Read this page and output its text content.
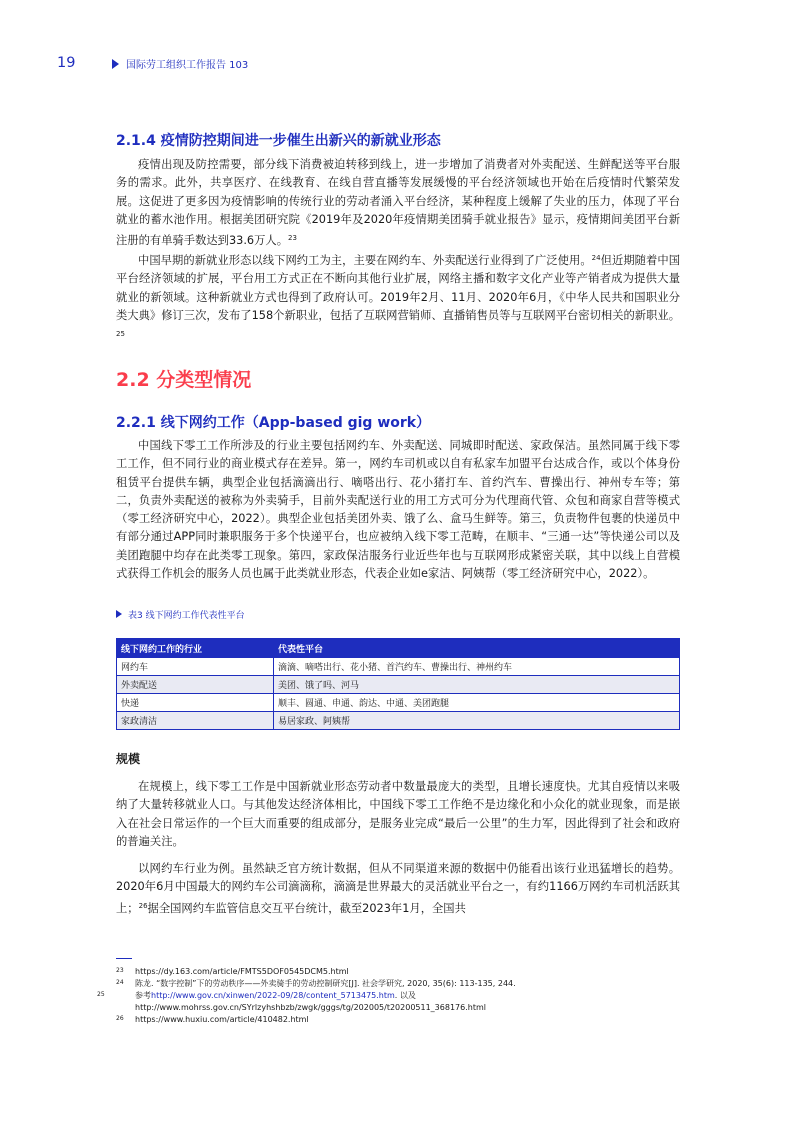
19	国际劳工组织工作报告 103
2.1.4 疫情防控期间进一步催生出新兴的新就业形态

疫情出现及防控需要，部分线下消费被迫转移到线上，进一步增加了消费者对外卖配送、生鲜配送等平台服务的需求。此外，共享医疗、在线教育、在线自营直播等发展缓慢的平台经济领域也开始在后疫情时代繁荣发展。这促进了更多因为疫情影响的传统行业的劳动者涌入平台经济，某种程度上缓解了失业的压力，体现了平台就业的蓄水池作用。根据美团研究院《2019年及2020年疫情期美团骑手就业报告》显示，疫情期间美团平台新注册的有单骑手数达到33.6万人。$^{23}$

中国早期的新就业形态以线下网约工为主，主要在网约车、外卖配送行业得到了广泛使用。$^{24}$但近期随着中国平台经济领域的扩展，平台用工方式正在不断向其他行业扩展，网络主播和数字文化产业等产销者成为提供大量就业的新领域。这种新就业方式也得到了政府认可。2019年2月、11月、2020年6月，《中华人民共和国职业分类大典》修订三次，发布了158个新职业，包括了互联网营销师、直播销售员等与互联网平台密切相关的新职业。$^{25}$

2.2 分类型情况
2.2.1 线下网约工作（App-based gig work）

中国线下零工工作所涉及的行业主要包括网约车、外卖配送、同城即时配送、家政保洁。虽然同属于线下零工工作，但不同行业的商业模式存在差异。第一，网约车司机或以自有私家车加盟平台达成合作，或以个体身份租赁平台提供车辆，典型企业包括滴滴出行、嘀嗒出行、花小猪打车、首约汽车、曹操出行、神州专车等；第二，负责外卖配送的被称为外卖骑手，目前外卖配送行业的用工方式可分为代理商代管、众包和商家自营等模式（零工经济研究中心，2022）。典型企业包括美团外卖、饿了么、盒马生鲜等。第三，负责物件包裹的快递员中有部分通过APP同时兼职服务于多个快递平台，也应被纳入线下零工范畴，在顺丰、“三通一达”等快递公司以及美团跑腿中均存在此类零工现象。第四，家政保洁服务行业近些年也与互联网形成紧密关联，其中以线上自营模式获得工作机会的服务人员也属于此类就业形态，代表企业如e家洁、阿姨帮（零工经济研究中心，2022）。

表3 线下网约工作代表性平台
线下网约工作的行业	代表性平台
网约车	滴滴、嘀嗒出行、花小猪、首汽约车、曹操出行、神州约车
外卖配送	美团、饿了吗、河马
快递	顺丰、圆通、申通、韵达、中通、美团跑腿
家政清洁	易居家政、阿姨帮
规模

在规模上，线下零工工作是中国新就业形态劳动者中数量最庞大的类型，且增长速度快。尤其自疫情以来吸纳了大量转移就业人口。与其他发达经济体相比，中国线下零工工作绝不是边缘化和小众化的就业现象，而是嵌入在社会日常运作的一个巨大而重要的组成部分，是服务业完成“最后一公里”的生力军，因此得到了社会和政府的普遍关注。

以网约车行业为例。虽然缺乏官方统计数据，但从不同渠道来源的数据中仍能看出该行业迅猛增长的趋势。2020年6月中国最大的网约车公司滴滴称，滴滴是世界最大的灵活就业平台之一，有约1166万网约车司机活跃其上；$^{26}$据全国网约车监管信息交互平台统计，截至2023年1月，全国共

23 https://dy.163.com/article/FMTS5DOF0545DCM5.html

24 陈龙. “数字控制”下的劳动秩序——外卖骑手的劳动控制研究[J]. 社会学研究, 2020, 35(6): 113-135, 244.

25	参考http://www.gov.cn/xinwen/2022-09/28/content_5713475.htm. 以及http://www.mohrss.gov.cn/SYrlzyhshbzb/zwgk/gggs/tg/202005/t20200511_368176.html

26 https://www.huxiu.com/article/410482.html
